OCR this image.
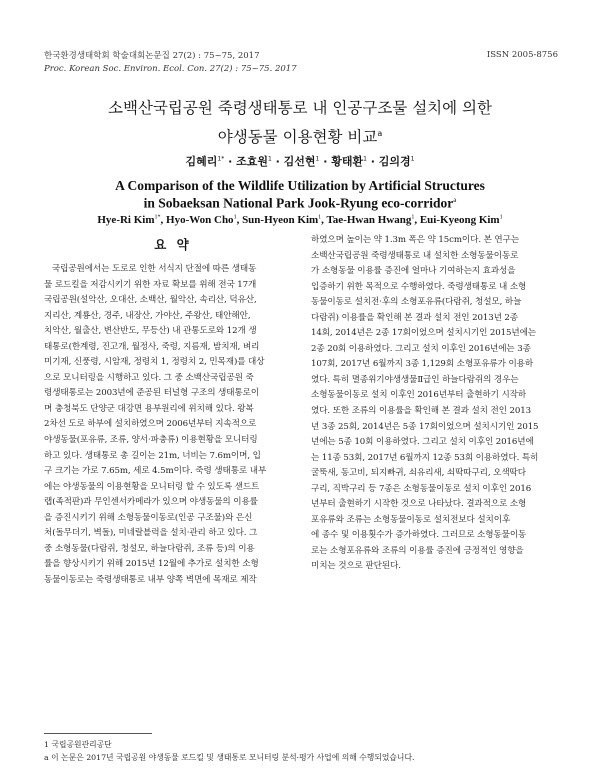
한국환경생태학회 학술대회논문집 27(2) : 75~75, 2017
Proc. Korean Soc. Environ. Ecol. Con. 27(2) : 75~75. 2017
ISSN 2005-8756
소백산국립공원 죽령생태통로 내 인공구조물 설치에 의한
야생동물 이용현황 비교$^a$
김혜리$^{1*}$ · 조효원$^1$ · 김선현$^1$ · 황태환$^1$ · 김의경$^1$
A Comparison of the Wildlife Utilization by Artificial Structures
in Sobaeksan National Park Jook-Ryung eco-corridor$^a$
Hye-Ri Kim$^{1*}$, Hyo-Won Cho$^1$, Sun-Hyeon Kim$^1$, Tae-Hwan Hwang$^1$, Eui-Kyeong Kim$^1$
요 약
국립공원에서는 도로로 인한 서식지 단절에 따른 생태동
물 로드킬을 저감시키기 위한 자료 확보를 위해 전국 17개
국립공원(설악산, 오대산, 소백산, 월악산, 속리산, 덕유산,
지리산, 계룡산, 경주, 내장산, 가야산, 주왕산, 태안해안,
치악산, 월출산, 변산반도, 무등산) 내 관통도로와 12개 생
태통로(한계령, 진고개, 월정사, 죽령, 지름재, 밤치재, 벼리
미기재, 신풍령, 시암재, 정령치 1, 정령치 2, 민목재)를 대상
으로 모니터링을 시행하고 있다. 그 중 소백산국립공원 죽
령생태통로는 2003년에 준공된 터널형 구조의 생태통로이
며 충청북도 단양군 대강면 용부원리에 위치해 있다. 왕복
2차선 도로 하부에 설치하였으며 2006년부터 지속적으로
야생동물(포유류, 조류, 양서·파충류) 이용현황을 모니터링
하고 있다. 생태통로 총 길이는 21m, 너비는 7.6m이며, 입
구 크기는 가로 7.65m, 세로 4.5m이다. 죽령 생태통로 내부
에는 야생동물의 이용현황을 모니터링 할 수 있도록 샌드트
랩(족적판)과 무인센서카메라가 있으며 야생동물의 이용률
을 증진시키기 위해 소형동물이동로(인공 구조물)와 은신
처(돌무더기, 벽돌), 미네랄블럭을 설치·관리 하고 있다. 그
중 소형동물(다람쥐, 청설모, 하늘다람쥐, 조류 등)의 이용
률을 향상시키기 위해 2015년 12월에 추가로 설치한 소형
동물이동로는 죽령생태통로 내부 양쪽 벽면에 목재로 제작
하였으며 높이는 약 1.3m 폭은 약 15cm이다. 본 연구는
소백산국립공원 죽령생태통로 내 설치한 소형동물이동로
가 소형동물 이용률 증진에 얼마나 기여하는지 효과성을
입증하기 위한 목적으로 수행하였다. 죽령생태통로 내 소형
동물이동로 설치전·후의 소형포유류(다람쥐, 청설모, 하늘
다람쥐) 이용률을 확인해 본 결과 설치 전인 2013년 2종
14회, 2014년은 2종 17회이었으며 설치시기인 2015년에는
2종 20회 이용하였다. 그리고 설치 이후인 2016년에는 3종
107회, 2017년 6월까지 3종 1,129회 소형포유류가 이용하
였다. 특히 멸종위기야생생물Ⅱ급인 하늘다람쥐의 경우는
소형동물이동로 설치 이후인 2016년부터 출현하기 시작하
였다. 또한 조류의 이용률을 확인해 본 결과 설치 전인 2013
년 3종 25회, 2014년은 5종 17회이었으며 설치시기인 2015
년에는 5종 10회 이용하였다. 그리고 설치 이후인 2016년에
는 11종 53회, 2017년 6월까지 12종 53회 이용하였다. 특히
굴뚝새, 동고비, 되지빠귀, 쇠유리새, 쇠딱따구리, 오색딱다
구리, 직박구리 등 7종은 소형동물이동로 설치 이후인 2016
년부터 출현하기 시작한 것으로 나타났다. 결과적으로 소형
포유류와 조류는 소형동물이동로 설치전보다 설치이후
에 종수 및 이용횟수가 증가하였다. 그러므로 소형동물이동
로는 소형포유류와 조류의 이용률 증진에 긍정적인 영향을
미치는 것으로 판단된다.
1 국립공원관리공단
a 이 논문은 2017년 국립공원 야생동물 로드킬 및 생태통로 모니터링 분석·평가 사업에 의해 수행되었습니다.
